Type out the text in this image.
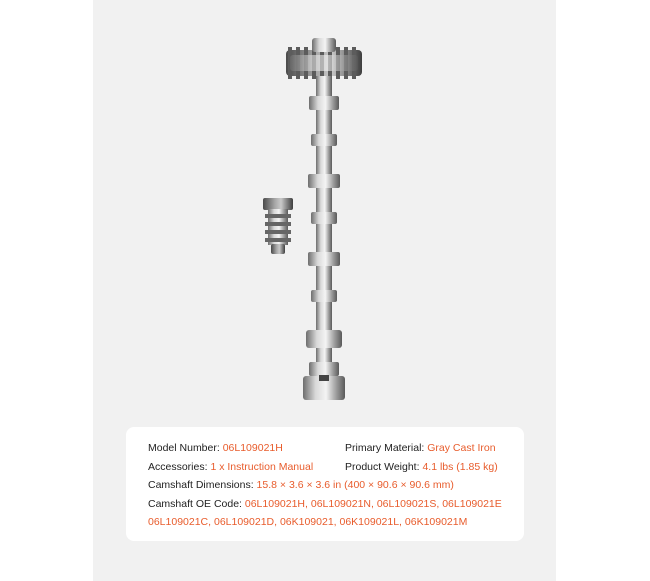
Model Number: 06L109021H	Primary Material: Gray Cast Iron
Accessories: 1 x Instruction Manual	Product Weight: 4.1 lbs (1.85 kg)
Camshaft Dimensions: 15.8 × 3.6 × 3.6 in (400 × 90.6 × 90.6 mm)
Camshaft OE Code: 06L109021H, 06L109021N, 06L109021S, 06L109021E
06L109021C, 06L109021D, 06K109021, 06K109021L, 06K109021M
